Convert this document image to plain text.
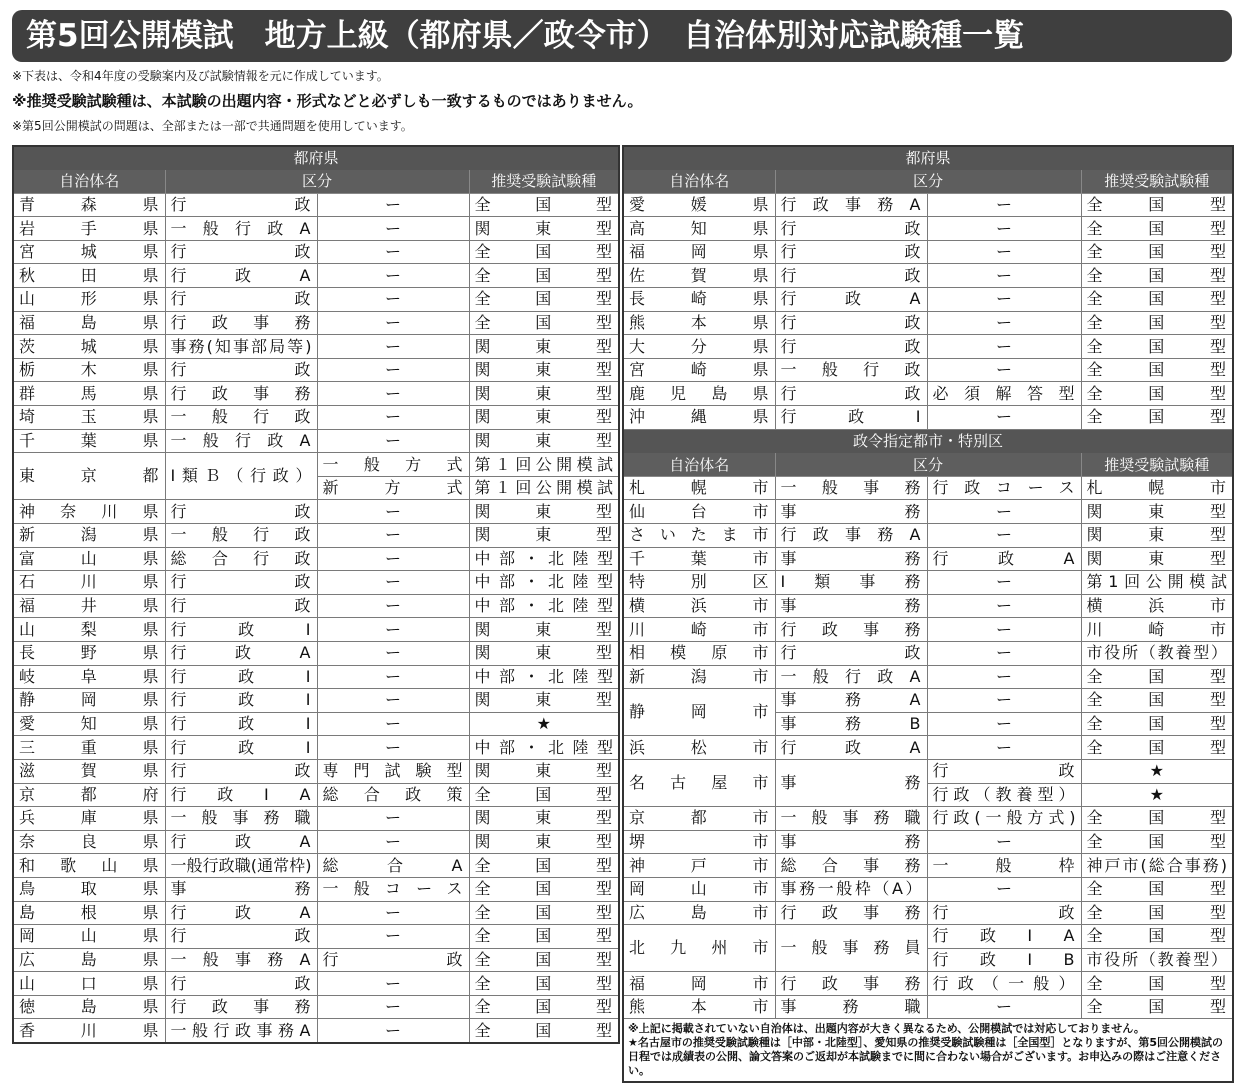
第5回公開模試　地方上級（都府県／政令市）　自治体別対応試験種一覧
※下表は、令和4年度の受験案内及び試験情報を元に作成しています。
※推奨受験試験種は、本試験の出題内容・形式などと必ずしも一致するものではありません。
※第5回公開模試の問題は、全部または一部で共通問題を使用しています。
都府県			
自治体名	区分		推奨受験試験種
青森県	行政	ー	全国型
岩手県	一般行政A	ー	関東型
宮城県	行政	ー	全国型
秋田県	行政A	ー	全国型
山形県	行政	ー	全国型
福島県	行政事務	ー	全国型
茨城県	事務(知事部局等)	ー	関東型
栃木県	行政	ー	関東型
群馬県	行政事務	ー	関東型
埼玉県	一般行政	ー	関東型
千葉県	一般行政A	ー	関東型
東京都	Ⅰ類Ｂ（行政）	一般方式	第１回公開模試
		新方式	第１回公開模試
神奈川県	行政	ー	関東型
新潟県	一般行政	ー	関東型
富山県	総合行政	ー	中部・北陸型
石川県	行政	ー	中部・北陸型
福井県	行政	ー	中部・北陸型
山梨県	行政Ⅰ	ー	関東型
長野県	行政A	ー	関東型
岐阜県	行政Ⅰ	ー	中部・北陸型
静岡県	行政Ⅰ	ー	関東型
愛知県	行政Ⅰ	ー	★
三重県	行政Ⅰ	ー	中部・北陸型
滋賀県	行政	専門試験型	関東型
京都府	行政ⅠA	総合政策	全国型
兵庫県	一般事務職	ー	関東型
奈良県	行政A	ー	関東型
和歌山県	一般行政職(通常枠)	総合A	全国型
鳥取県	事務	一般コース	全国型
島根県	行政A	ー	全国型
岡山県	行政	ー	全国型
広島県	一般事務A	行政	全国型
山口県	行政	ー	全国型
徳島県	行政事務	ー	全国型
香川県	一般行政事務A	ー	全国型
都府県			
自治体名	区分		推奨受験試験種
愛媛県	行政事務A	ー	全国型
高知県	行政	ー	全国型
福岡県	行政	ー	全国型
佐賀県	行政	ー	全国型
長崎県	行政A	ー	全国型
熊本県	行政	ー	全国型
大分県	行政	ー	全国型
宮崎県	一般行政	ー	全国型
鹿児島県	行政	必須解答型	全国型
沖縄県	行政Ⅰ	ー	全国型
政令指定都市・特別区			
自治体名	区分		推奨受験試験種
札幌市	一般事務	行政コース	札幌市
仙台市	事務	ー	関東型
さいたま市	行政事務A	ー	関東型
千葉市	事務	行政A	関東型
特別区	Ⅰ類事務	ー	第1回公開模試
横浜市	事務	ー	横浜市
川崎市	行政事務	ー	川崎市
相模原市	行政	ー	市役所（教養型）
新潟市	一般行政A	ー	全国型
静岡市	事務A	ー	全国型
	事務B	ー	全国型
浜松市	行政A	ー	全国型
名古屋市	事務	行政	★
		行政（教養型）	★
京都市	一般事務職	行政(一般方式)	全国型
堺市	事務	ー	全国型
神戸市	総合事務	一般枠	神戸市(総合事務)
岡山市	事務一般枠（A）	ー	全国型
広島市	行政事務	行政	全国型
北九州市	一般事務員	行政ⅠA	全国型
		行政ⅠB	市役所（教養型）
福岡市	行政事務	行政（一般）	全国型
熊本市	事務職	ー	全国型

※上記に掲載されていない自治体は、出題内容が大きく異なるため、公開模試では対応しておりません。
★名古屋市の推奨受験試験種は［中部・北陸型］、愛知県の推奨受験試験種は［全国型］となりますが、第5回公開模試の日程では成績表の公開、論文答案のご返却が本試験までに間に合わない場合がございます。お申込みの際はご注意ください。			
